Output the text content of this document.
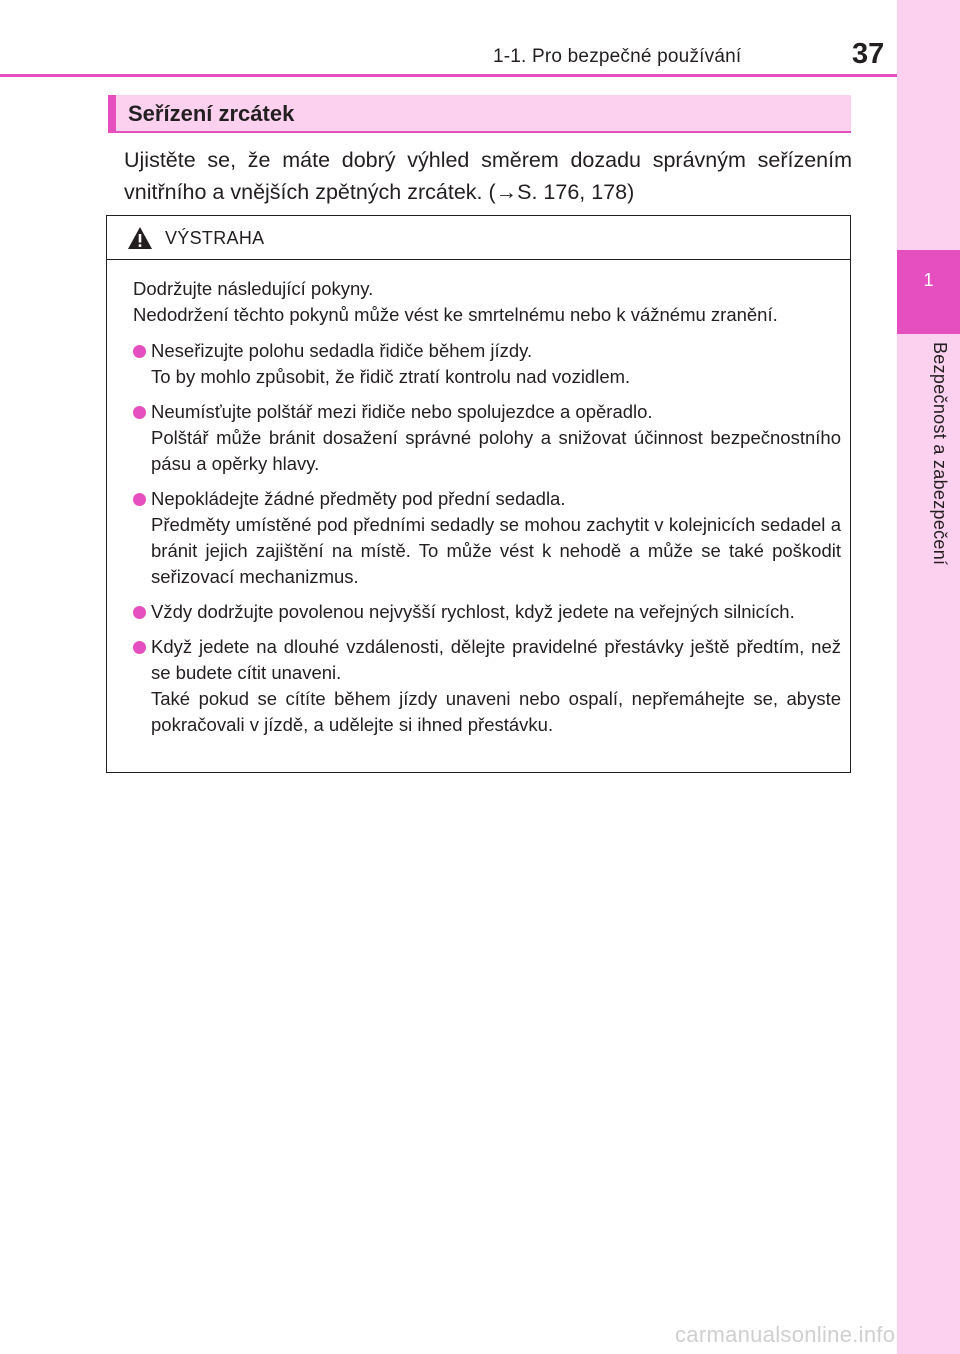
1-1. Pro bezpečné používání	37
1
Bezpečnost a zabezpečení
Seřízení zrcátek
Ujistěte se, že máte dobrý výhled směrem dozadu správným seřízením vnitřního a vnějších zpětných zrcátek. (→S. 176, 178)
VÝSTRAHA

Dodržujte následující pokyny.

Nedodržení těchto pokynů může vést ke smrtelnému nebo k vážnému zranění.

Neseřizujte polohu sedadla řidiče během jízdy.
To by mohlo způsobit, že řidič ztratí kontrolu nad vozidlem.
Neumísťujte polštář mezi řidiče nebo spolujezdce a opěradlo.
Polštář může bránit dosažení správné polohy a snižovat účinnost bezpečnostního pásu a opěrky hlavy.
Nepokládejte žádné předměty pod přední sedadla.
Předměty umístěné pod předními sedadly se mohou zachytit v kolejnicích sedadel a bránit jejich zajištění na místě. To může vést k nehodě a může se také poškodit seřizovací mechanizmus.
Vždy dodržujte povolenou nejvyšší rychlost, když jedete na veřejných silnicích.
Když jedete na dlouhé vzdálenosti, dělejte pravidelné přestávky ještě předtím, než se budete cítit unaveni.
Také pokud se cítíte během jízdy unaveni nebo ospalí, nepřemáhejte se, abyste pokračovali v jízdě, a udělejte si ihned přestávku.
carmanualsonline.info
